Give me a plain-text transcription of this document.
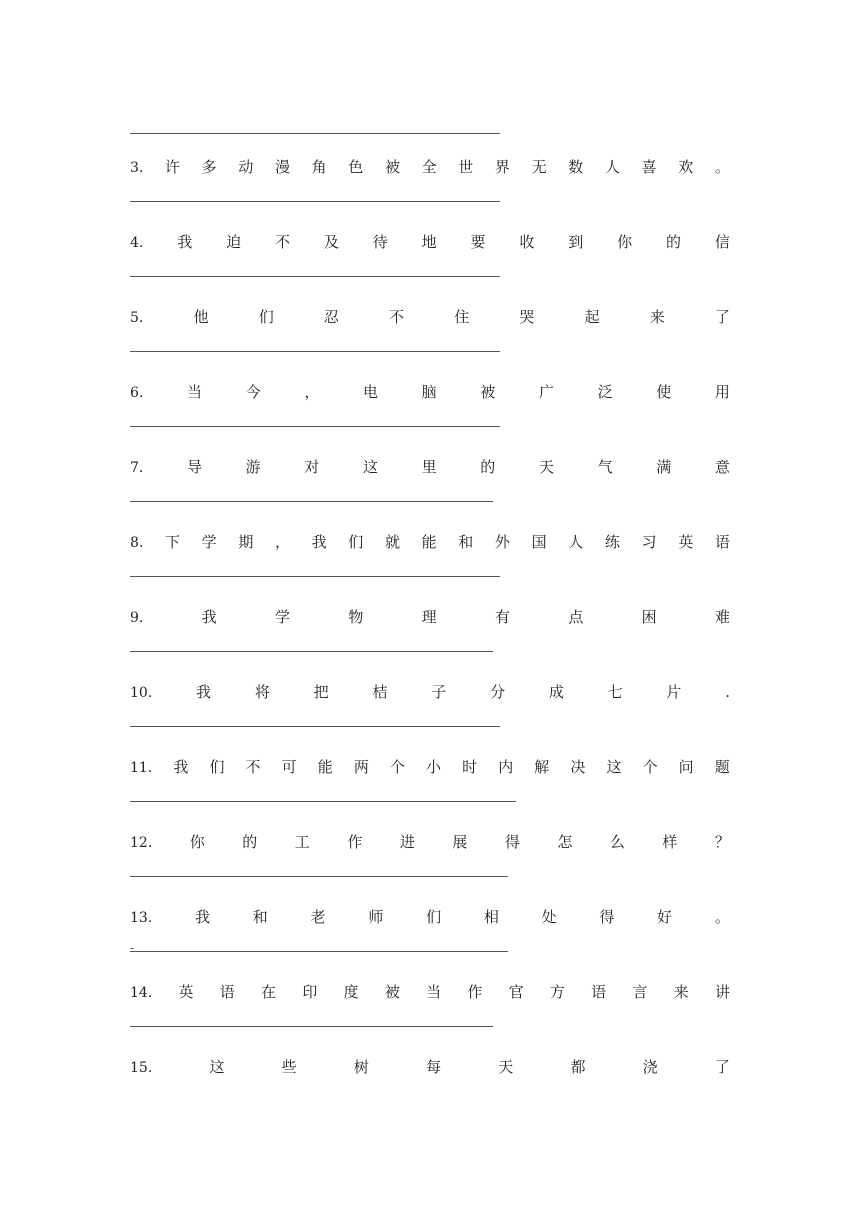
3. 许 多 动 漫 角 色 被 全 世 界 无 数 人 喜 欢 。
4. 我 迫 不 及 待 地 要 收 到 你 的 信
5.	他	们	忍	不	住	哭	起	来	了
6.	当	今	，	电	脑	被	广	泛	使	用
7.	导	游	对	这	里	的	天	气	满	意
8. 下 学 期 ， 我 们 就 能 和 外 国 人 练 习 英 语
9.	我	学	物	理	有	点	困	难
10.	我	将	把	桔	子	分	成	七	片	.
11. 我 们 不 可 能 两 个 小 时 内 解 决 这 个 问 题
12.	你	的	工	作	进	展	得	怎	么	样	？
13.	我	和	老	师	们	相	处	得	好	。
-
14. 英 语 在 印 度 被 当 作 官 方 语 言 来 讲
15.	这	些	树	每	天	都	浇	了
